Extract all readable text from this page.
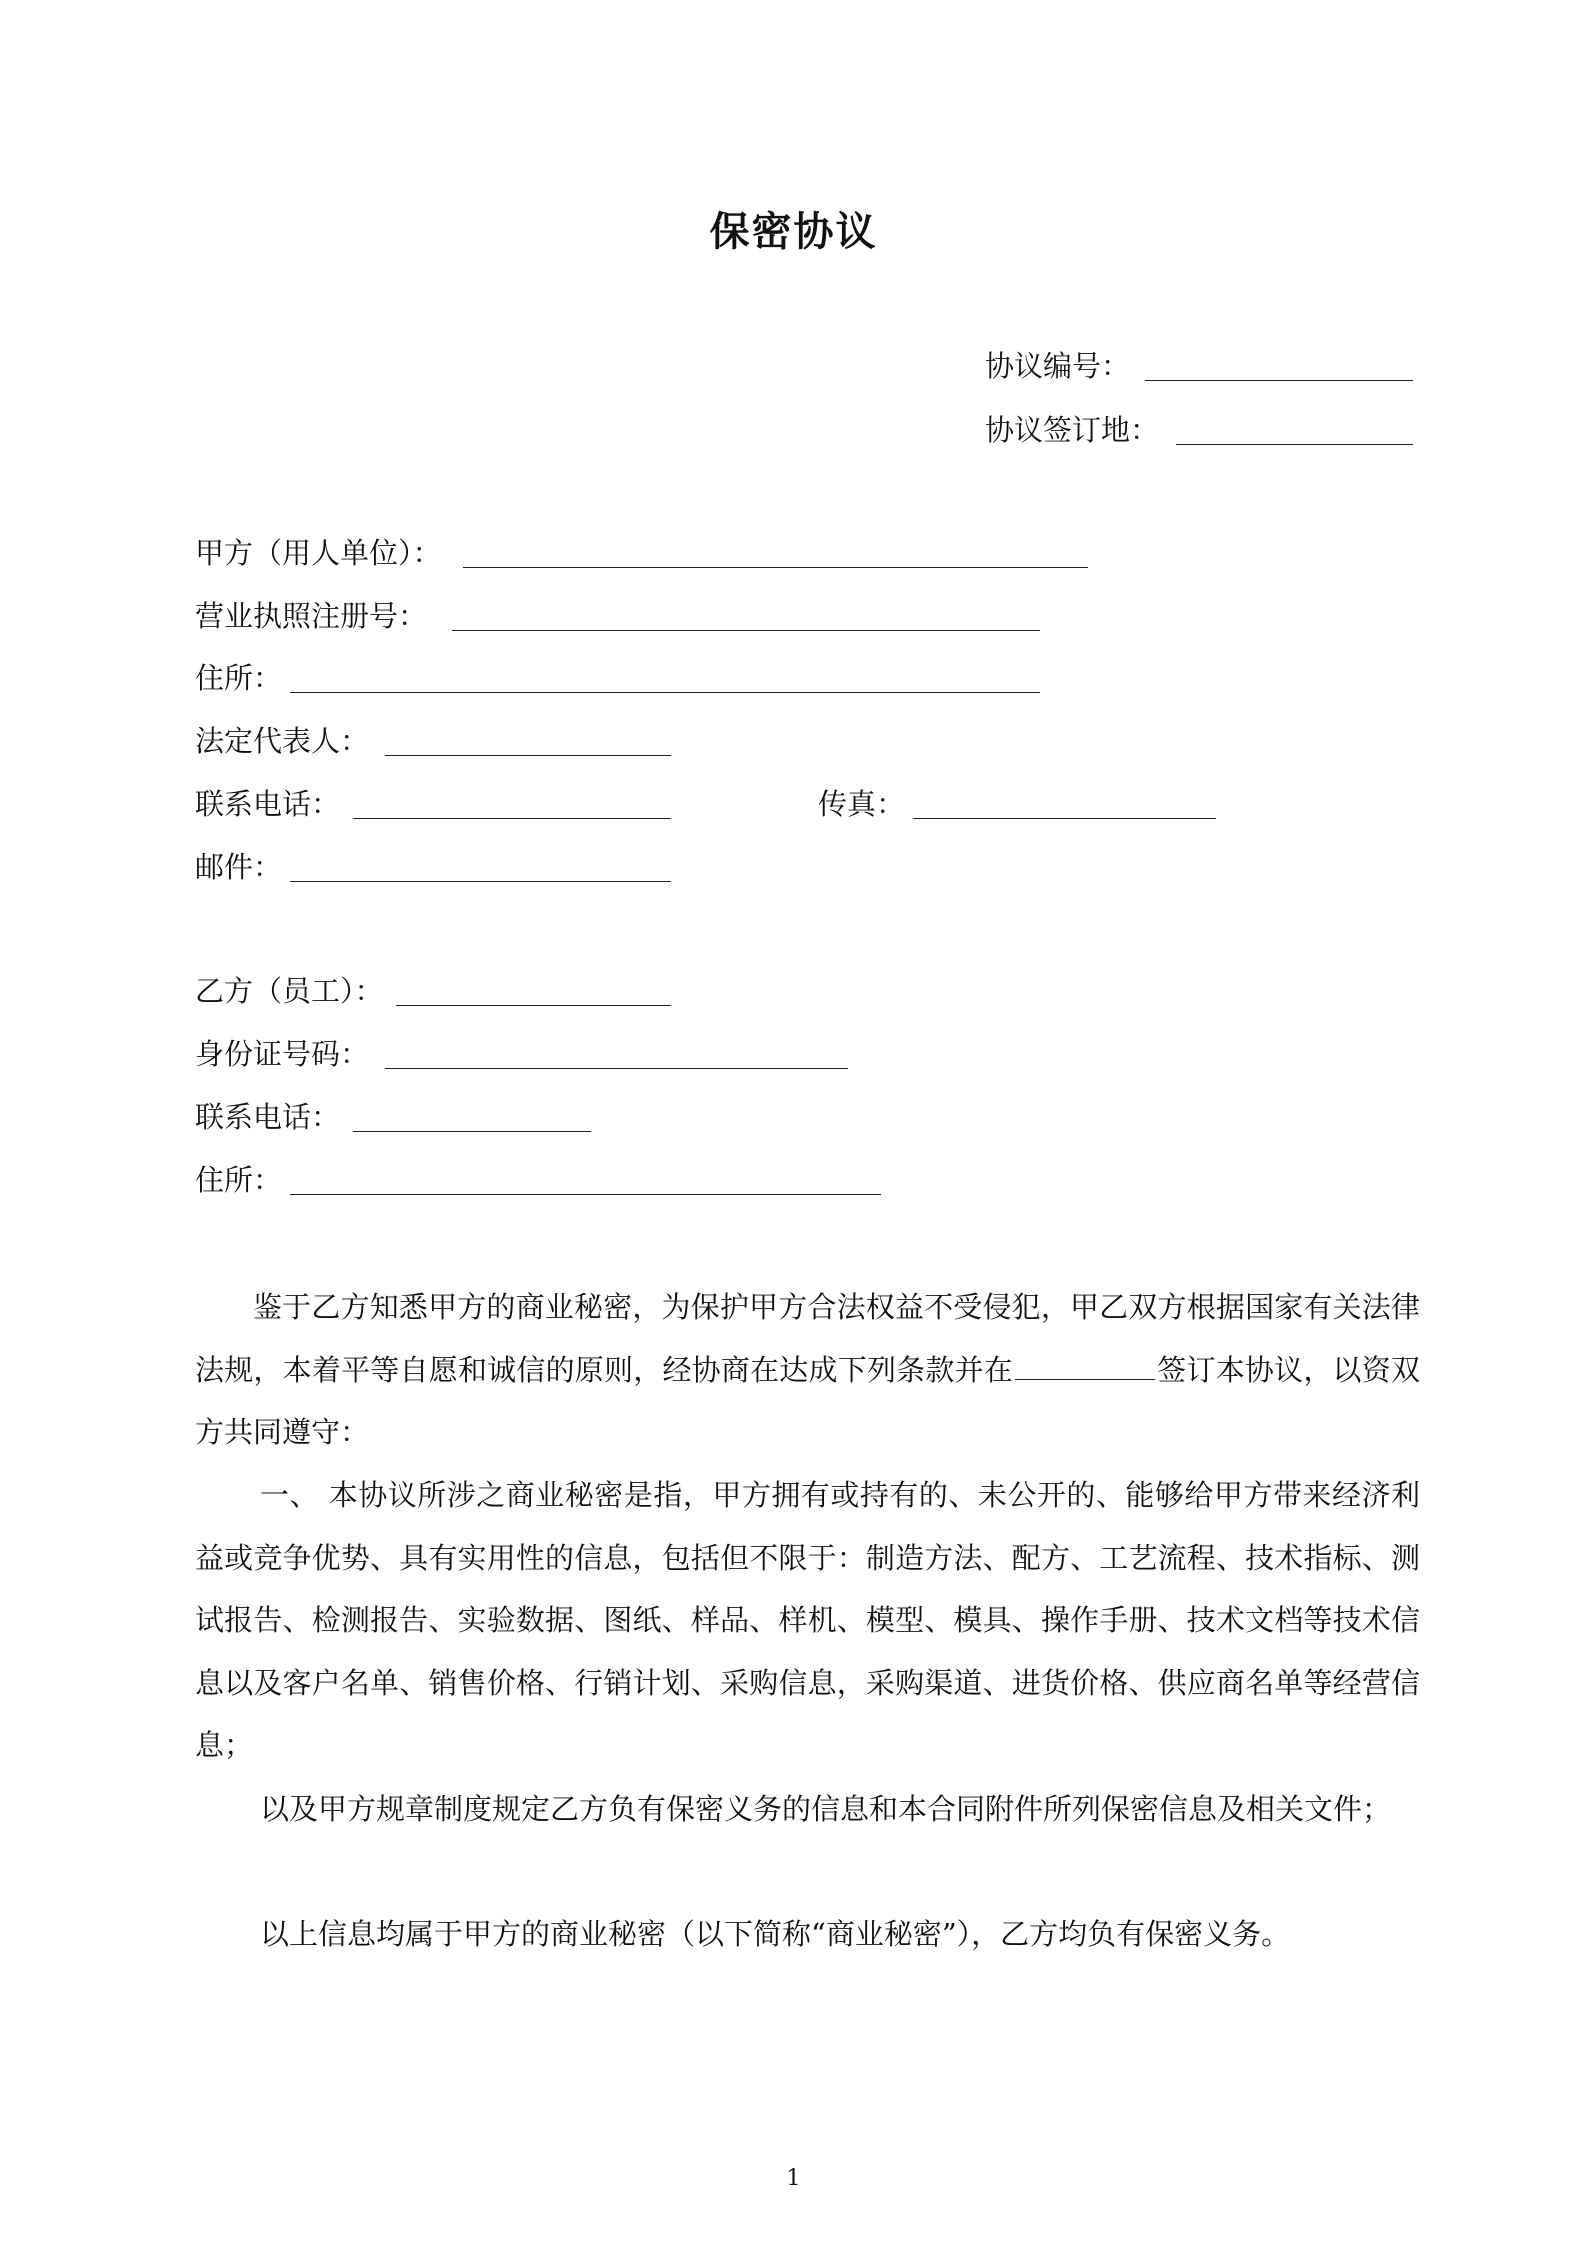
保密协议
协议编号：
协议签订地：
甲方（用人单位）：
营业执照注册号：
住所：
法定代表人：
联系电话：	传真：
邮件：
乙方（员工）：
身份证号码：
联系电话：
住所：
鉴于乙方知悉甲方的商业秘密，为保护甲方合法权益不受侵犯，甲乙双方根据国家有关法律法规，本着平等自愿和诚信的原则，经协商在达成下列条款并在	签订本协议，以资双方共同遵守：
一、 本协议所涉之商业秘密是指，甲方拥有或持有的、未公开的、能够给甲方带来经济利益或竞争优势、具有实用性的信息，包括但不限于：制造方法、配方、工艺流程、技术指标、测试报告、检测报告、实验数据、图纸、样品、样机、模型、模具、操作手册、技术文档等技术信息以及客户名单、销售价格、行销计划、采购信息，采购渠道、进货价格、供应商名单等经营信息；
以及甲方规章制度规定乙方负有保密义务的信息和本合同附件所列保密信息及相关文件；
以上信息均属于甲方的商业秘密（以下简称“商业秘密”），乙方均负有保密义务。
1
